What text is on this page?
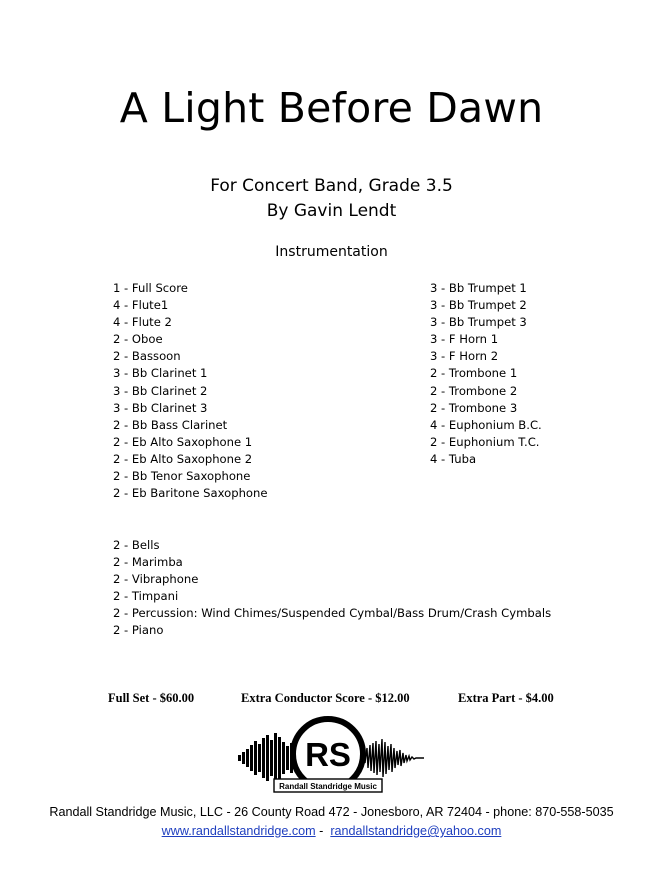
A Light Before Dawn
For Concert Band, Grade 3.5
By Gavin Lendt
Instrumentation
1 - Full Score
4 - Flute1
4 - Flute 2
2 - Oboe
2 - Bassoon
3 - Bb Clarinet 1
3 - Bb Clarinet 2
3 - Bb Clarinet 3
2 - Bb Bass Clarinet
2 - Eb Alto Saxophone 1
2 - Eb Alto Saxophone 2
2 - Bb Tenor Saxophone
2 - Eb Baritone Saxophone
3 - Bb Trumpet 1
3 - Bb Trumpet 2
3 - Bb Trumpet 3
3 - F Horn 1
3 - F Horn 2
2 - Trombone 1
2 - Trombone 2
2 - Trombone 3
4 - Euphonium B.C.
2 - Euphonium T.C.
4 - Tuba
2 - Bells
2 - Marimba
2 - Vibraphone
2 - Timpani
2 - Percussion: Wind Chimes/Suspended Cymbal/Bass Drum/Crash Cymbals
2 - Piano
Full Set - $60.00	Extra Conductor Score - $12.00	Extra Part - $4.00
RS
Randall Standridge Music
Randall Standridge Music, LLC - 26 County Road 472 - Jonesboro, AR 72404 - phone: 870-558-5035
www.randallstandridge.com -  randallstandridge@yahoo.com
